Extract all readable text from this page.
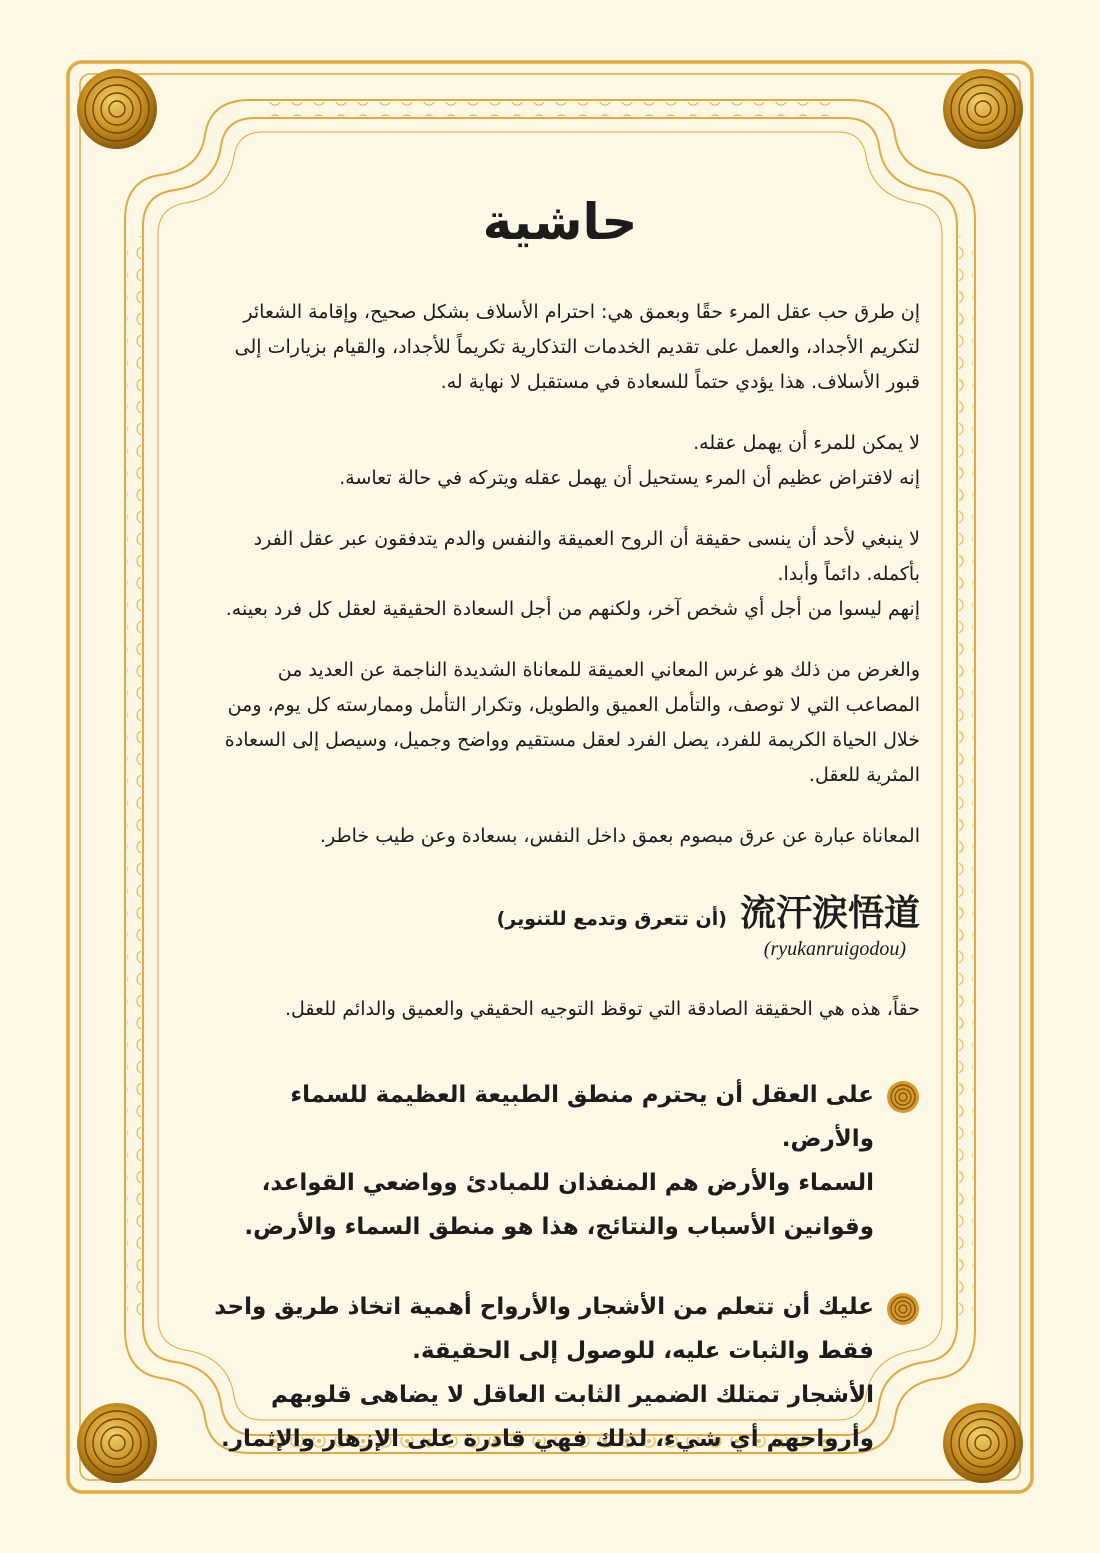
حاشية

إن طرق حب عقل المرء حقًا وبعمق هي: احترام الأسلاف بشكل صحيح، وإقامة الشعائر لتكريم الأجداد، والعمل على تقديم الخدمات التذكارية تكريماً للأجداد، والقيام بزيارات إلى قبور الأسلاف. هذا يؤدي حتماً للسعادة في مستقبل لا نهاية له.

لا يمكن للمرء أن يهمل عقله.

إنه لافتراض عظيم أن المرء يستحيل أن يهمل عقله ويتركه في حالة تعاسة.

لا ينبغي لأحد أن ينسى حقيقة أن الروح العميقة والنفس والدم يتدفقون عبر عقل الفرد بأكمله. دائماً وأبدا.

إنهم ليسوا من أجل أي شخص آخر، ولكنهم من أجل السعادة الحقيقية لعقل كل فرد بعينه.

والغرض من ذلك هو غرس المعاني العميقة للمعاناة الشديدة الناجمة عن العديد من المصاعب التي لا توصف، والتأمل العميق والطويل، وتكرار التأمل وممارسته كل يوم، ومن خلال الحياة الكريمة للفرد، يصل الفرد لعقل مستقيم وواضح وجميل، وسيصل إلى السعادة المثرية للعقل.

المعاناة عبارة عن عرق مبصوم بعمق داخل النفس، بسعادة وعن طيب خاطر.

流汗涙悟道 (أن تتعرق وتدمع للتنوير)
(ryukanruigodou)

حقاً، هذه هي الحقيقة الصادقة التي توقظ التوجيه الحقيقي والعميق والدائم للعقل.

على العقل أن يحترم منطق الطبيعة العظيمة للسماء والأرض.

السماء والأرض هم المنفذان للمبادئ وواضعي القواعد، وقوانين الأسباب والنتائج، هذا هو منطق السماء والأرض.

عليك أن تتعلم من الأشجار والأرواح أهمية اتخاذ طريق واحد فقط والثبات عليه، للوصول إلى الحقيقة.

الأشجار تمتلك الضمير الثابت العاقل لا يضاهى قلوبهم وأرواحهم أي شيء، لذلك فهي قادرة على الإزهار والإثمار.
